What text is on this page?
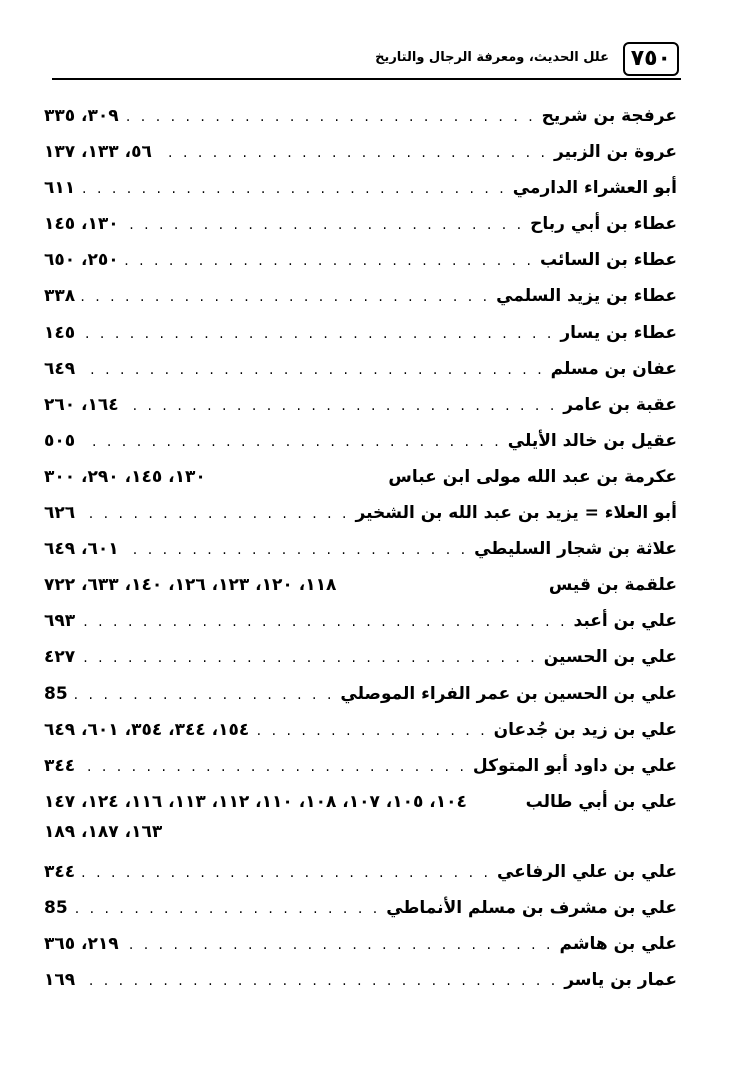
٧٥٠
علل الحديث، ومعرفة الرجال والتاريخ
عرفجة بن شريح
. . .
٣٠٩، ٣٣٥
عروة بن الزبير
. . .
٥٦، ١٣٣، ١٣٧
أبو العشراء الدارمي
. . .
٦١١
عطاء بن أبي رباح
. . .
١٣٠، ١٤٥
عطاء بن السائب
. . .
٢٥٠، ٦٥٠
عطاء بن يزيد السلمي
. . .
٣٣٨
عطاء بن يسار
. . .
١٤٥
عفان بن مسلم
. . .
٦٤٩
عقبة بن عامر
. . .
١٦٤، ٢٦٠
عقيل بن خالد الأيلي
. . .
٥٠٥
عكرمة بن عبد الله مولى ابن عباس
١٣٠، ١٤٥، ٢٩٠، ٣٠٠
أبو العلاء = يزيد بن عبد الله بن الشخير
. . .
٦٢٦
علاثة بن شجار السليطي
. . .
٦٠١، ٦٤٩
علقمة بن قيس
١١٨، ١٢٠، ١٢٣، ١٢٦، ١٤٠، ٦٣٣، ٧٢٢
علي بن أعبد
. . .
٦٩٣
علي بن الحسين
. . .
٤٢٧
علي بن الحسين بن عمر الفراء الموصلي
. . .
85
علي بن زيد بن جُدعان
. . .
١٥٤، ٣٤٤، ٣٥٤، ٦٠١، ٦٤٩
علي بن داود أبو المتوكل
. . .
٣٤٤
علي بن أبي طالب
١٠٤، ١٠٥، ١٠٧، ١٠٨، ١١٠، ١١٢، ١١٣، ١١٦، ١٢٤، ١٤٧
١٦٣، ١٨٧، ١٨٩
علي بن علي الرفاعي
. . .
٣٤٤
علي بن مشرف بن مسلم الأنماطي
. . .
85
علي بن هاشم
. . .
٢١٩، ٣٦٥
عمار بن ياسر
. . .
١٦٩
